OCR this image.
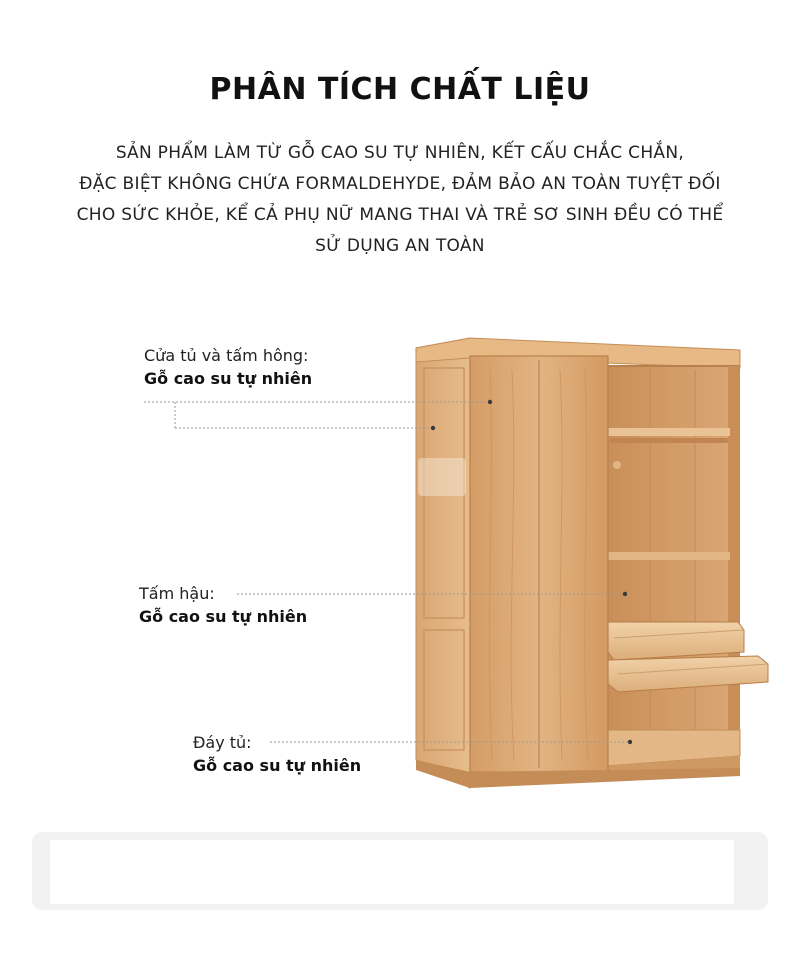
PHÂN TÍCH CHẤT LIỆU
SẢN PHẨM LÀM TỪ GỖ CAO SU TỰ NHIÊN, KẾT CẤU CHẮC CHẮN,
ĐẶC BIỆT KHÔNG CHỨA FORMALDEHYDE, ĐẢM BẢO AN TOÀN TUYỆT ĐỐI
CHO SỨC KHỎE, KỂ CẢ PHỤ NỮ MANG THAI VÀ TRẺ SƠ SINH ĐỀU CÓ THỂ
SỬ DỤNG AN TOÀN
Cửa tủ và tấm hông:
Gỗ cao su tự nhiên
Tấm hậu:
Gỗ cao su tự nhiên
Đáy tủ:
Gỗ cao su tự nhiên
